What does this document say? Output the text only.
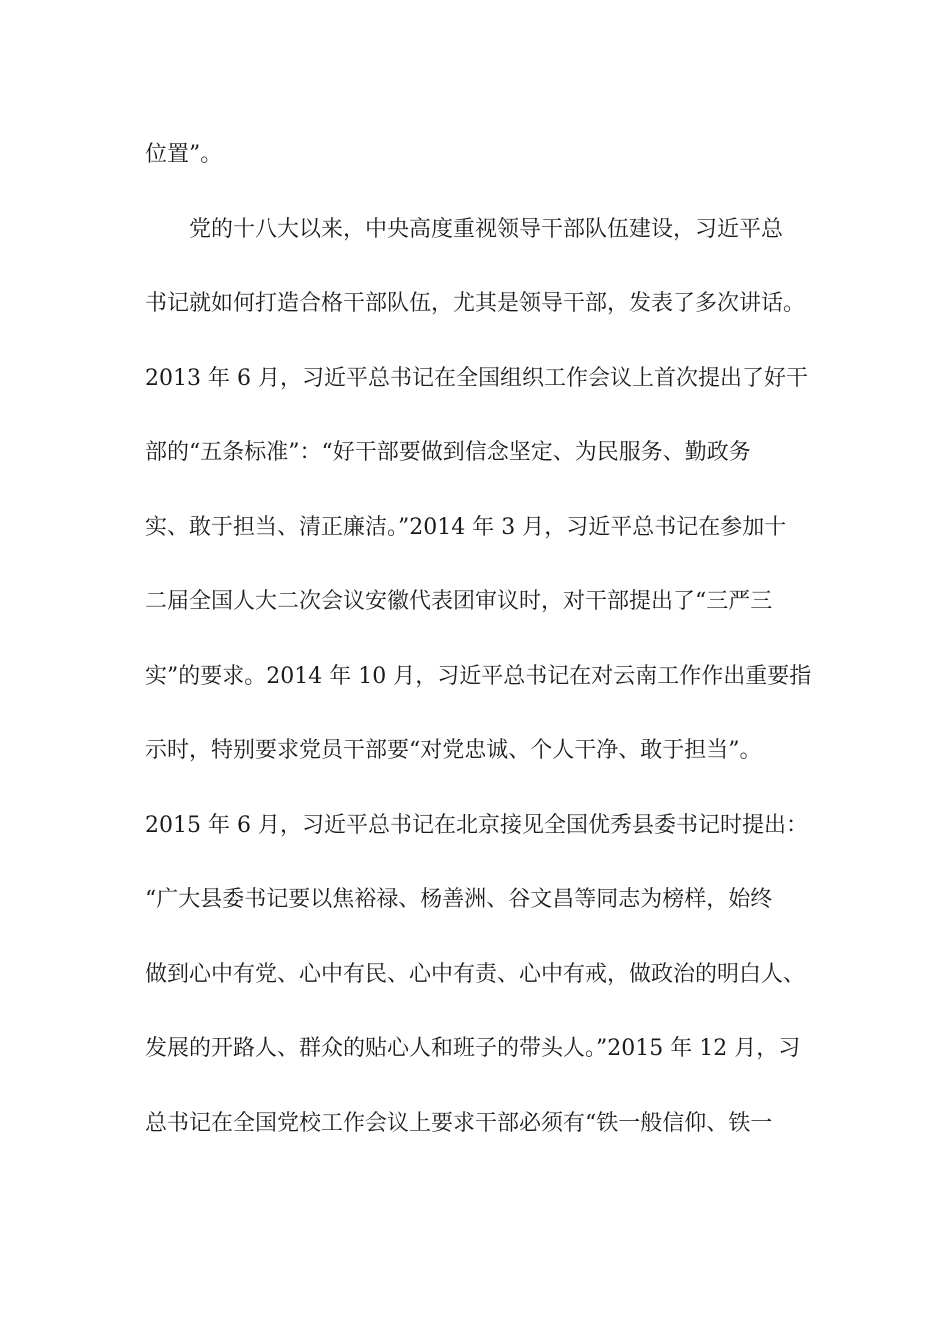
位置”。
　　党的十八大以来，中央高度重视领导干部队伍建设，习近平总
书记就如何打造合格干部队伍，尤其是领导干部，发表了多次讲话。
2013 年 6 月，习近平总书记在全国组织工作会议上首次提出了好干
部的“五条标准”：“好干部要做到信念坚定、为民服务、勤政务
实、敢于担当、清正廉洁。”2014 年 3 月，习近平总书记在参加十
二届全国人大二次会议安徽代表团审议时，对干部提出了“三严三
实”的要求。2014 年 10 月，习近平总书记在对云南工作作出重要指
示时，特别要求党员干部要“对党忠诚、个人干净、敢于担当”。
2015 年 6 月，习近平总书记在北京接见全国优秀县委书记时提出：
“广大县委书记要以焦裕禄、杨善洲、谷文昌等同志为榜样，始终
做到心中有党、心中有民、心中有责、心中有戒，做政治的明白人、
发展的开路人、群众的贴心人和班子的带头人。”2015 年 12 月，习
总书记在全国党校工作会议上要求干部必须有“铁一般信仰、铁一
